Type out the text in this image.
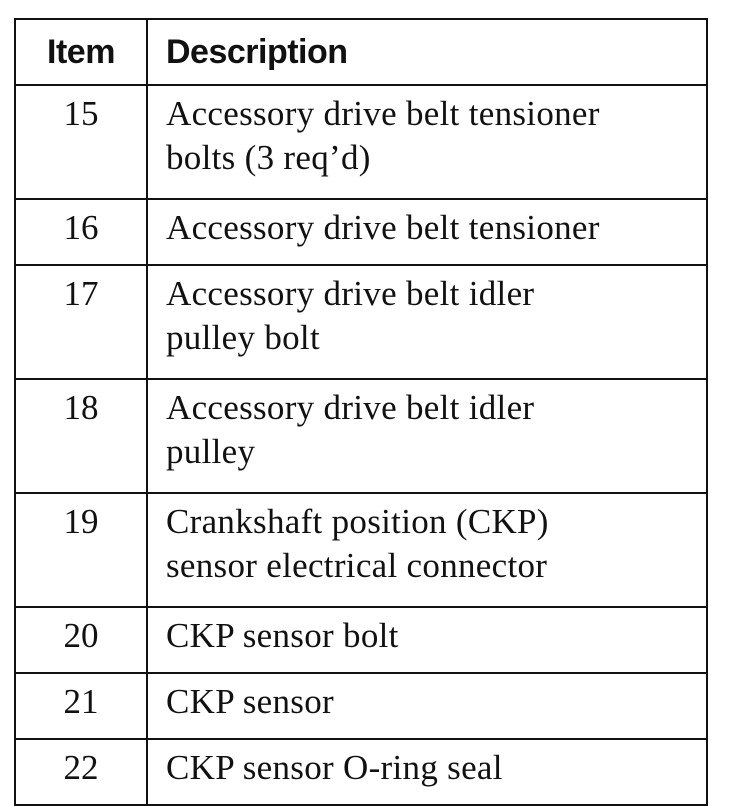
Item	Description
15	Accessory drive belt tensioner
bolts (3 req’d)

16	Accessory drive belt tensioner

17	Accessory drive belt idler
pulley bolt

18	Accessory drive belt idler
pulley

19	Crankshaft position (CKP)
sensor electrical connector

20	CKP sensor bolt

21	CKP sensor

22	CKP sensor O-ring seal
